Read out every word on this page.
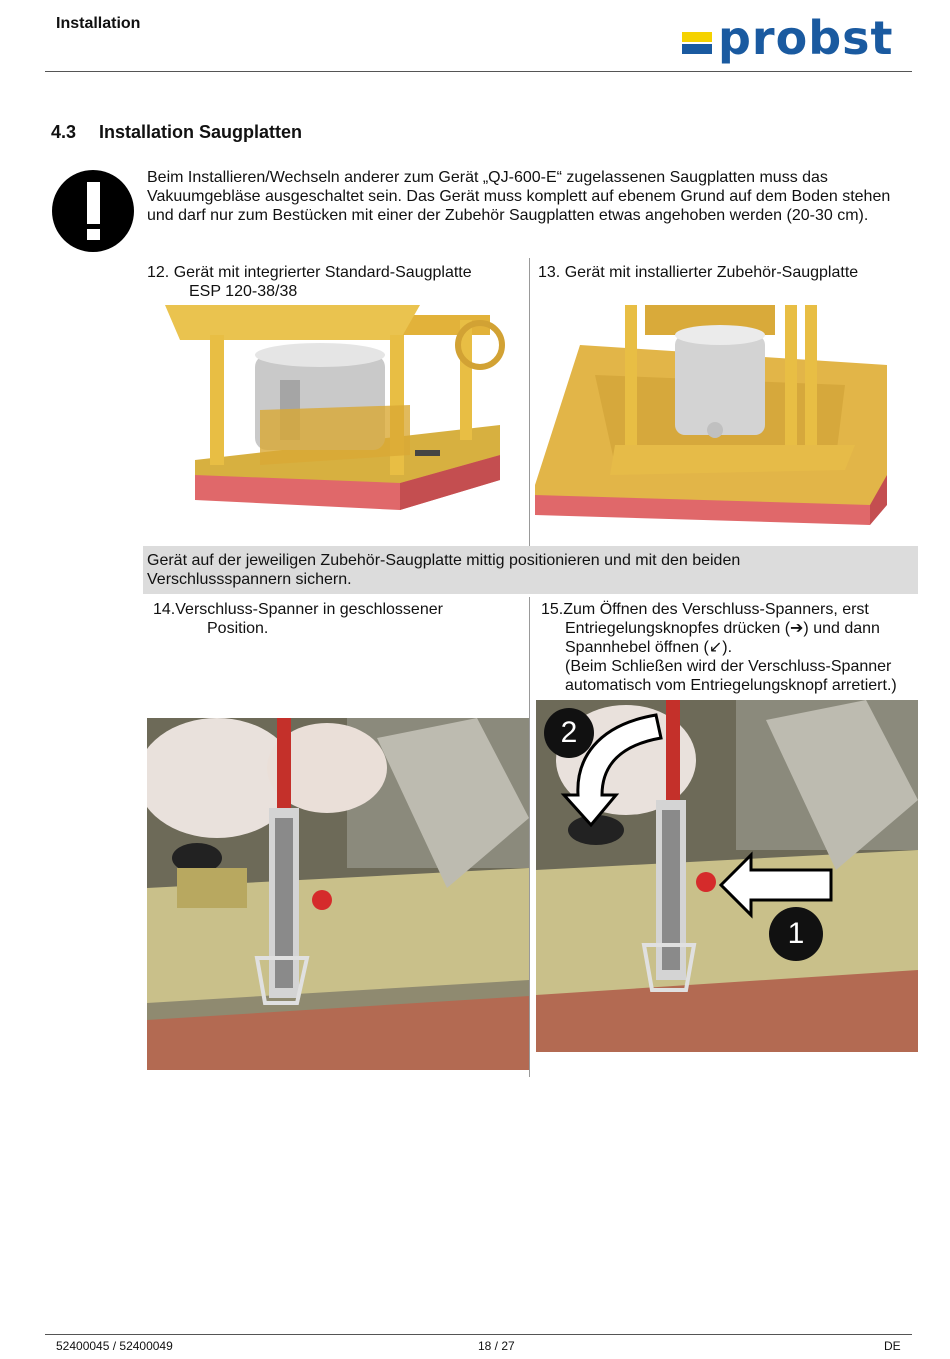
Installation	probst
4.3 Installation Saugplatten
Beim Installieren/Wechseln anderer zum Gerät „QJ-600-E“ zugelassenen Saugplatten muss das Vakuumgebläse ausgeschaltet sein. Das Gerät muss komplett auf ebenem Grund auf dem Boden stehen und darf nur zum Bestücken mit einer der Zubehör Saugplatten etwas angehoben werden (20-30 cm).
12. Gerät mit integrierter Standard-Saugplatte
ESP 120-38/38
13. Gerät mit installierter Zubehör-Saugplatte
Gerät auf der jeweiligen Zubehör-Saugplatte mittig positionieren und mit den beiden Verschlussspannern sichern.
14.Verschluss-Spanner in geschlossener
Position.
15.Zum Öffnen des Verschluss-Spanners, erst
Entriegelungsknopfes drücken (➔) und dann
Spannhebel öffnen (↙).
(Beim Schließen wird der Verschluss-Spanner
automatisch vom Entriegelungsknopf arretiert.)
2
1
52400045 / 52400049	18 / 27	DE
